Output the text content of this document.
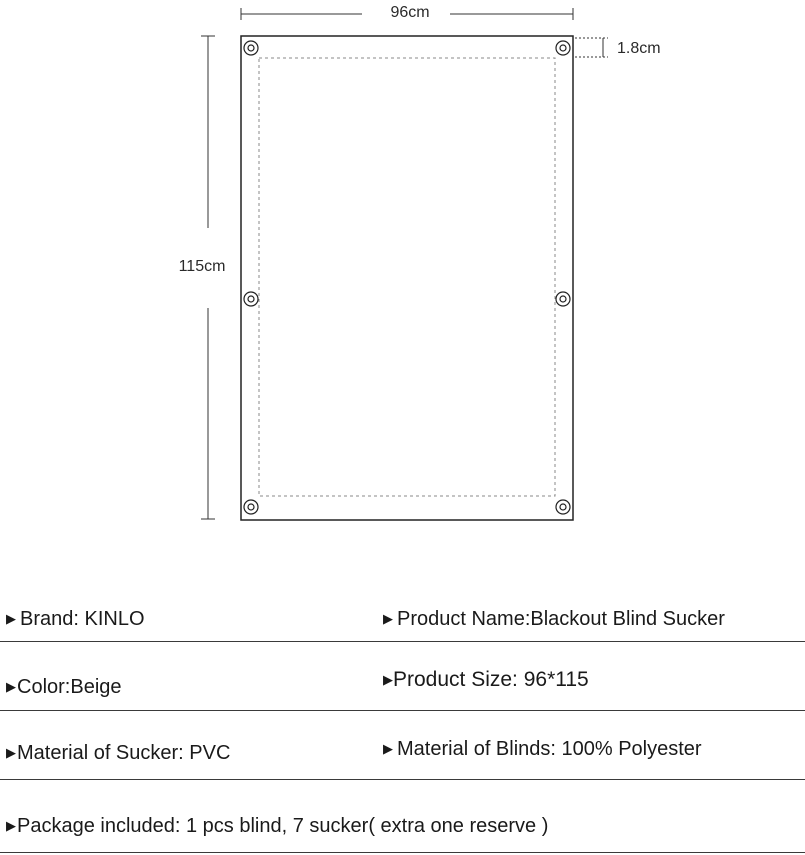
96cm
115cm
1.8cm
▶ Brand: KINLO	▶ Product Name:Blackout Blind Sucker
▶Color:Beige	▶Product Size: 96*115
▶Material of Sucker: PVC	▶ Material of Blinds: 100% Polyester
▶Package included: 1 pcs blind, 7 sucker( extra one reserve )
